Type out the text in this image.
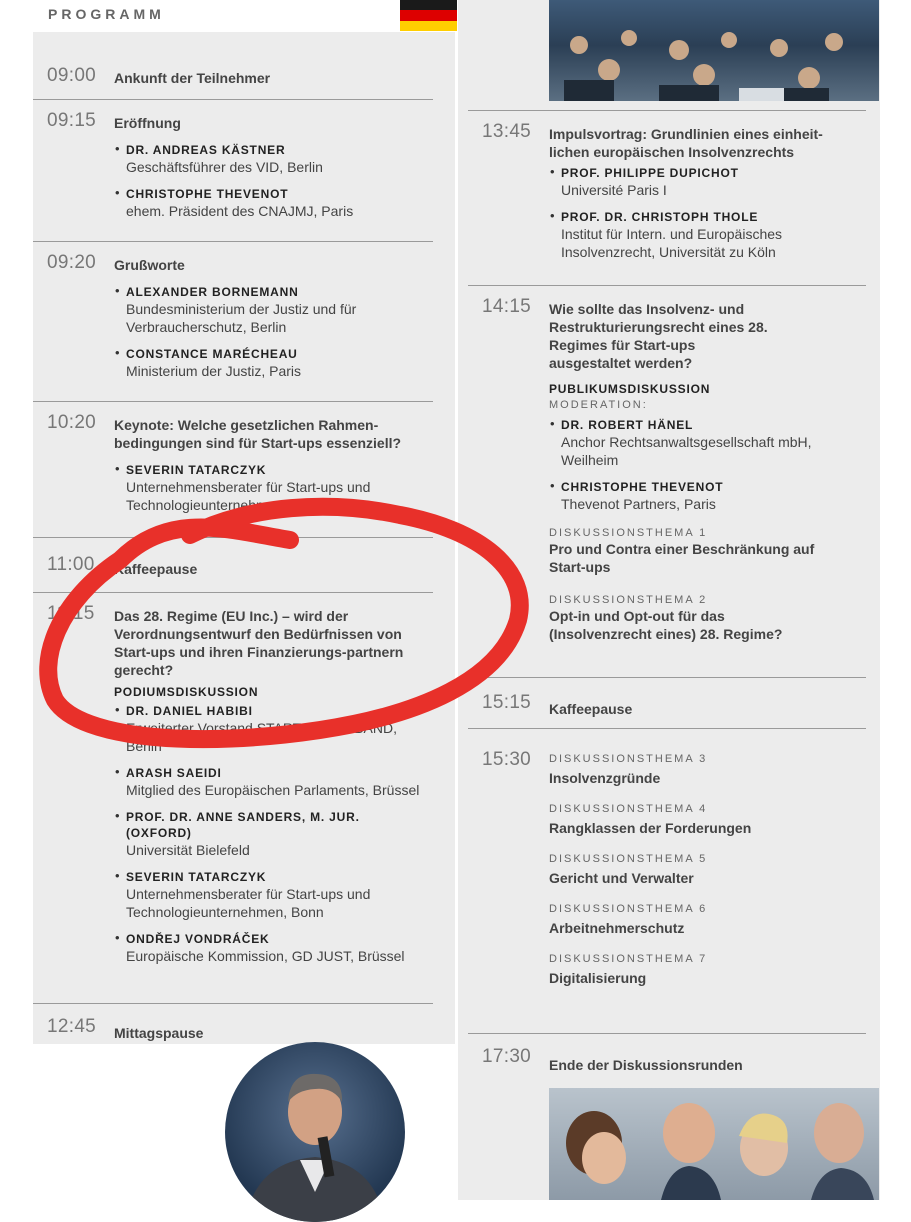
PROGRAMM
09:00 Ankunft der Teilnehmer
09:15 Eröffnung
• DR. ANDREAS KÄSTNER
Geschäftsführer des VID, Berlin
• CHRISTOPHE THEVENOT
ehem. Präsident des CNAJMJ, Paris
09:20 Grußworte
• ALEXANDER BORNEMANN
Bundesministerium der Justiz und für Verbraucherschutz, Berlin
• CONSTANCE MARÉCHEAU
Ministerium der Justiz, Paris
10:20 Keynote: Welche gesetzlichen Rahmen-bedingungen sind für Start-ups essenziell?
• SEVERIN TATARCZYK
Unternehmensberater für Start-ups und Technologieunternehmen, Bonn
11:00 Kaffeepause
11:15 Das 28. Regime (EU Inc.) – wird der Verordnungsentwurf den Bedürfnissen von Start-ups und ihren Finanzierungs-partnern gerecht?
PODIUMSDISKUSSION
• DR. DANIEL HABIBI
Erweiterter Vorstand STARTUP-VERBAND, Berlin
• ARASH SAEIDI
Mitglied des Europäischen Parlaments, Brüssel
• PROF. DR. ANNE SANDERS, M. JUR. (OXFORD)
Universität Bielefeld
• SEVERIN TATARCZYK
Unternehmensberater für Start-ups und Technologieunternehmen, Bonn
• ONDŘEJ VONDRÁČEK
Europäische Kommission, GD JUST, Brüssel
12:45 Mittagspause
13:45 Impulsvortrag: Grundlinien eines einheit-lichen europäischen Insolvenzrechts
• PROF. PHILIPPE DUPICHOT
Université Paris I
• PROF. DR. CHRISTOPH THOLE
Institut für Intern. und Europäisches Insolvenzrecht, Universität zu Köln
14:15 Wie sollte das Insolvenz- und Restrukturierungsrecht eines 28. Regimes für Start-ups ausgestaltet werden?
PUBLIKUMSDISKUSSION
MODERATION:
• DR. ROBERT HÄNEL
Anchor Rechtsanwaltsgesellschaft mbH, Weilheim
• CHRISTOPHE THEVENOT
Thevenot Partners, Paris
DISKUSSIONSTHEMA 1
Pro und Contra einer Beschränkung auf Start-ups
DISKUSSIONSTHEMA 2
Opt-in und Opt-out für das (Insolvenzrecht eines) 28. Regime?
15:15 Kaffeepause
15:30 DISKUSSIONSTHEMA 3
Insolvenzgründe
DISKUSSIONSTHEMA 4
Rangklassen der Forderungen
DISKUSSIONSTHEMA 5
Gericht und Verwalter
DISKUSSIONSTHEMA 6
Arbeitnehmerschutz
DISKUSSIONSTHEMA 7
Digitalisierung
17:30 Ende der Diskussionsrunden
